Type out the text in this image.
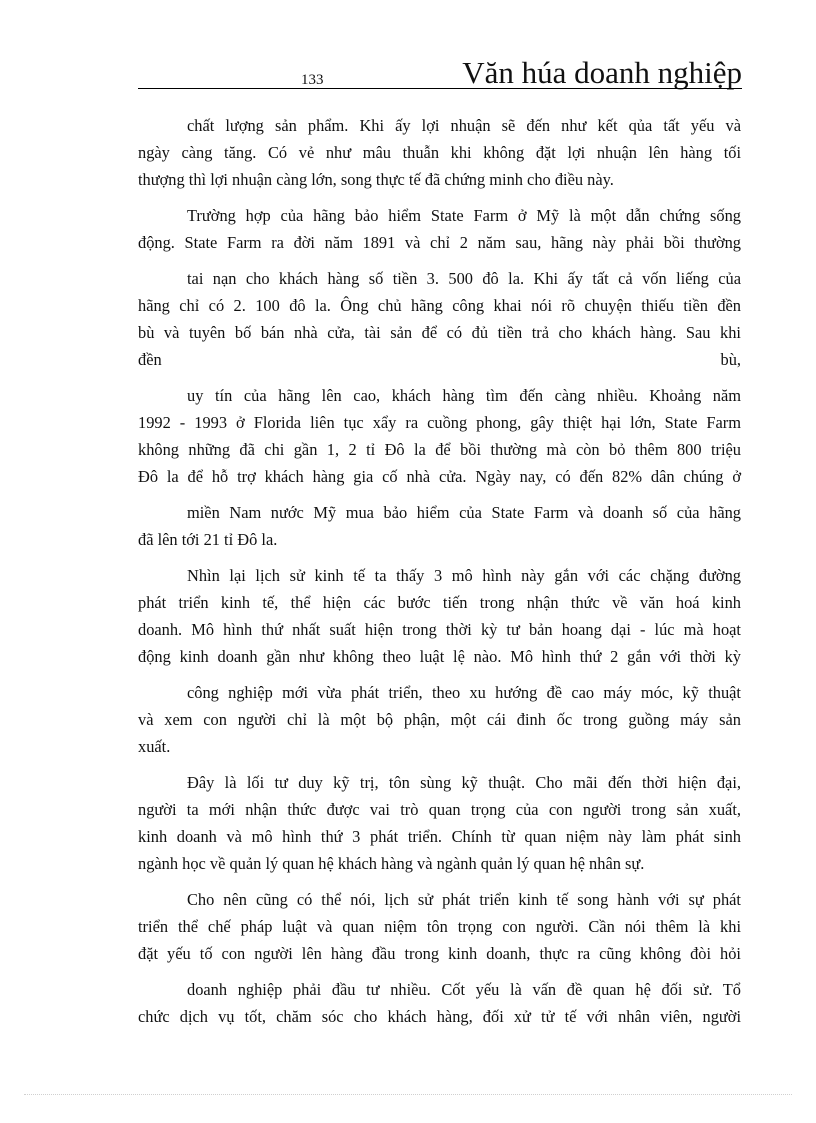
133	Văn húa doanh nghiệp
chất lượng sản phẩm. Khi ấy lợi nhuận sẽ đến như kết qủa tất yếu và
ngày càng tăng. Có vẻ như mâu thuẫn khi không đặt lợi nhuận lên hàng tối
thượng thì lợi nhuận càng lớn, song thực tế đã chứng minh cho điều này.
Trường hợp của hãng bảo hiểm State Farm ở Mỹ là một dẫn chứng sống
động. State Farm ra đời năm 1891 và chỉ 2 năm sau, hãng này phải bồi thường
tai nạn cho khách hàng số tiền 3. 500 đô la. Khi ấy tất cả vốn liếng của
hãng chỉ có 2. 100 đô la. Ông chủ hãng công khai nói rõ chuyện thiếu tiền đền
bù và tuyên bố bán nhà cửa, tài sản để có đủ tiền trả cho khách hàng. Sau khi
đền	bù,
uy tín của hãng lên cao, khách hàng tìm đến càng nhiều. Khoảng năm
1992 - 1993 ở Florida liên tục xẩy ra cuồng phong, gây thiệt hại lớn, State Farm
không những đã chi gần 1, 2 tỉ Đô la để bồi thường mà còn bỏ thêm 800 triệu
Đô la để hỗ trợ khách hàng gia cố nhà cửa. Ngày nay, có đến 82% dân chúng ở
miền Nam nước Mỹ mua bảo hiểm của State Farm và doanh số của hãng
đã lên tới 21 tỉ Đô la.
Nhìn lại lịch sử kinh tế ta thấy 3 mô hình này gắn với các chặng đường
phát triển kinh tế, thể hiện các bước tiến trong nhận thức về văn hoá kinh
doanh. Mô hình thứ nhất suất hiện trong thời kỳ tư bản hoang dại - lúc mà hoạt
động kinh doanh gần như không theo luật lệ nào. Mô hình thứ 2 gắn với thời kỳ
công nghiệp mới vừa phát triển, theo xu hướng đề cao máy móc, kỹ thuật
và xem con người chỉ là một bộ phận, một cái đinh ốc trong guồng máy sản
xuất.
Đây là lối tư duy kỹ trị, tôn sùng kỹ thuật. Cho mãi đến thời hiện đại,
người ta mới nhận thức được vai trò quan trọng của con người trong sản xuất,
kinh doanh và mô hình thứ 3 phát triển. Chính từ quan niệm này làm phát sinh
ngành học về quản lý quan hệ khách hàng và ngành quản lý quan hệ nhân sự.
Cho nên cũng có thể nói, lịch sử phát triển kinh tế song hành với sự phát
triển thể chế pháp luật và quan niệm tôn trọng con người. Cần nói thêm là khi
đặt yếu tố con người lên hàng đầu trong kinh doanh, thực ra cũng không đòi hỏi
doanh nghiệp phải đầu tư nhiều. Cốt yếu là vấn đề quan hệ đối sử. Tổ
chức dịch vụ tốt, chăm sóc cho khách hàng, đối xử tử tế với nhân viên, người
